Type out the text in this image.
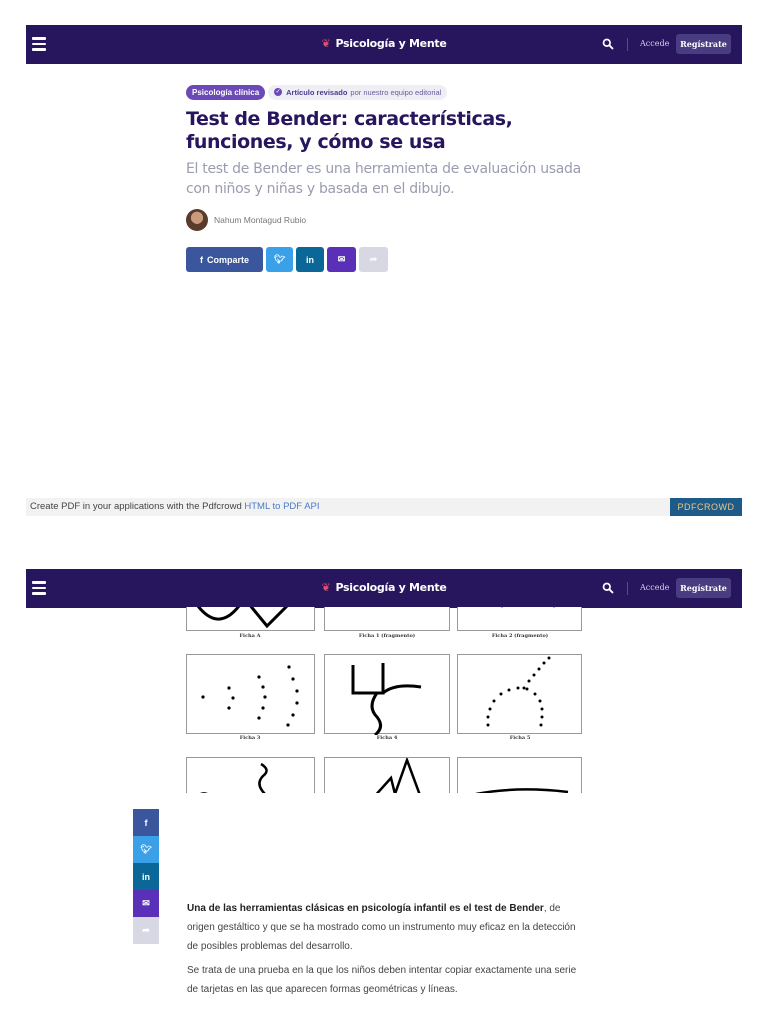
❦ Psicología y Mente	Accede	Regístrate
Psicología clínica	✓ Artículo revisado por nuestro equipo editorial
Test de Bender: características, funciones, y cómo se usa
El test de Bender es una herramienta de evaluación usada con niños y niñas y basada en el dibujo.
Nahum Montagud Rubio
f Comparte	🐦︎ in	✉	➦
Create PDF in your applications with the Pdfcrowd HTML to PDF API	PDFCROWD
❦ Psicología y Mente	Accede	Regístrate
Ficha A	Ficha 1 (fragmento)	Ficha 2 (fragmento)
Ficha 3	Ficha 4	Ficha 5
f
🐦︎
in
✉
➦

Una de las herramientas clásicas en psicología infantil es el test de Bender, de origen gestáltico y que se ha mostrado como un instrumento muy eficaz en la detección de posibles problemas del desarrollo.

Se trata de una prueba en la que los niños deben intentar copiar exactamente una serie de tarjetas en las que aparecen formas geométricas y líneas.
